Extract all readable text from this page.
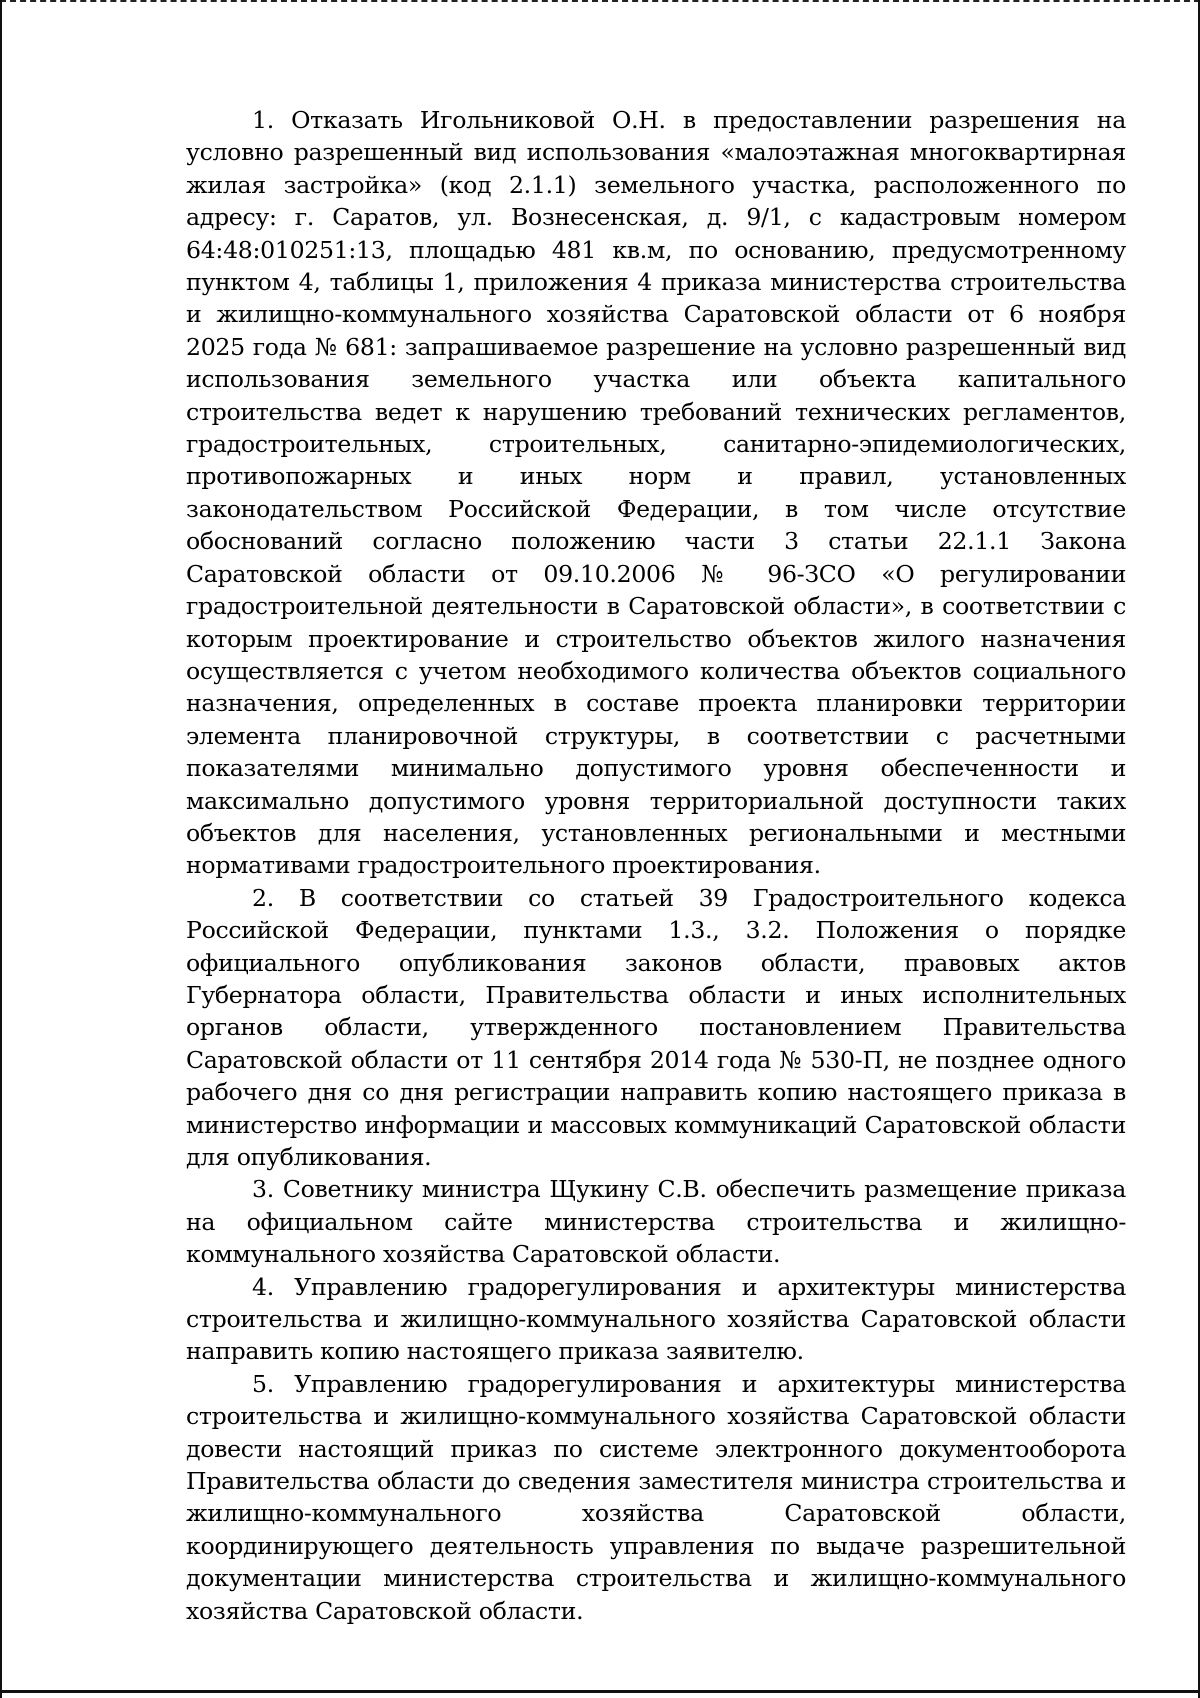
1. Отказать Игольниковой О.Н. в предоставлении разрешения на условно разрешенный вид использования «малоэтажная многоквартирная жилая застройка» (код 2.1.1) земельного участка, расположенного по адресу: г. Саратов, ул. Вознесенская, д. 9/1, с кадастровым номером 64:48:010251:13, площадью 481 кв.м, по основанию, предусмотренному пунктом 4, таблицы 1, приложения 4 приказа министерства строительства и жилищно-коммунального хозяйства Саратовской области от 6 ноября 2025 года № 681: запрашиваемое разрешение на условно разрешенный вид использования земельного участка или объекта капитального строительства ведет к нарушению требований технических регламентов, градостроительных, строительных, санитарно-эпидемиологических, противопожарных и иных норм и правил, установленных законодательством Российской Федерации, в том числе отсутствие обоснований согласно положению части 3 статьи 22.1.1 Закона Саратовской области от 09.10.2006 № 96-ЗСО «О регулировании градостроительной деятельности в Саратовской области», в соответствии с которым проектирование и строительство объектов жилого назначения осуществляется с учетом необходимого количества объектов социального назначения, определенных в составе проекта планировки территории элемента планировочной структуры, в соответствии с расчетными показателями минимально допустимого уровня обеспеченности и максимально допустимого уровня территориальной доступности таких объектов для населения, установленных региональными и местными нормативами градостроительного проектирования.

2. В соответствии со статьей 39 Градостроительного кодекса Российской Федерации, пунктами 1.3., 3.2. Положения о порядке официального опубликования законов области, правовых актов Губернатора области, Правительства области и иных исполнительных органов области, утвержденного постановлением Правительства Саратовской области от 11 сентября 2014 года № 530-П, не позднее одного рабочего дня со дня регистрации направить копию настоящего приказа в министерство информации и массовых коммуникаций Саратовской области для опубликования.

3. Советнику министра Щукину С.В. обеспечить размещение приказа на официальном сайте министерства строительства и жилищно-коммунального хозяйства Саратовской области.

4. Управлению градорегулирования и архитектуры министерства строительства и жилищно-коммунального хозяйства Саратовской области направить копию настоящего приказа заявителю.

5. Управлению градорегулирования и архитектуры министерства строительства и жилищно-коммунального хозяйства Саратовской области довести настоящий приказ по системе электронного документооборота Правительства области до сведения заместителя министра строительства и жилищно-коммунального хозяйства Саратовской области, координирующего деятельность управления по выдаче разрешительной документации министерства строительства и жилищно-коммунального хозяйства Саратовской области.
